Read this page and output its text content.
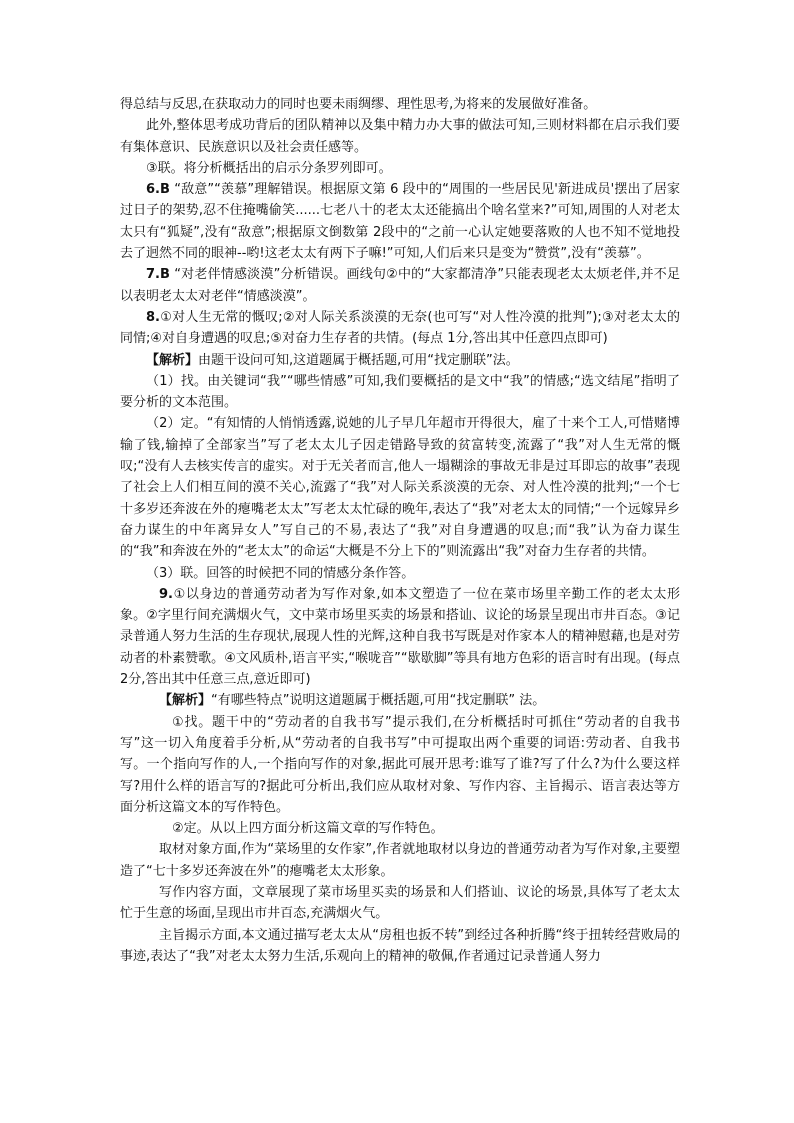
得总结与反思,在获取动力的同时也要未雨绸缪、理性思考,为将来的发展做好准备。

此外,整体思考成功背后的团队精神以及集中精力办大事的做法可知,三则材料都在启示我们要有集体意识、民族意识以及社会责任感等。

③联。将分析概括出的启示分条罗列即可。

6.B “敌意”“羡慕”理解错误。根据原文第 6 段中的“周围的一些居民见'新进成员'摆出了居家过日子的架势,忍不住掩嘴偷笑......七老八十的老太太还能搞出个啥名堂来?”可知,周围的人对老太太只有“狐疑”,没有“敌意”;根据原文倒数第 2段中的“之前一心认定她要落败的人也不知不觉地投去了迥然不同的眼神--哟!这老太太有两下子嘛!”可知,人们后来只是变为“赞赏”,没有“羡慕”。

7.B “对老伴情感淡漠”分析错误。画线句②中的“大家都清净”只能表现老太太烦老伴,并不足以表明老太太对老伴“情感淡漠”。

8.①对人生无常的慨叹;②对人际关系淡漠的无奈(也可写“对人性冷漠的批判”);③对老太太的同情;④对自身遭遇的叹息;⑤对奋力生存者的共情。(每点 1分,答出其中任意四点即可)

【解析】由题干设问可知,这道题属于概括题,可用“找定删联”法。

（1）找。由关键词“我”“哪些情感”可知,我们要概括的是文中“我”的情感;“选文结尾”指明了要分析的文本范围。

（2）定。“有知情的人悄悄透露,说她的儿子早几年超市开得很大，雇了十来个工人,可惜赌博输了钱,输掉了全部家当”写了老太太儿子因走错路导致的贫富转变,流露了“我”对人生无常的慨叹;“没有人去核实传言的虚实。对于无关者而言,他人一塌糊涂的事故无非是过耳即忘的故事”表现了社会上人们相互间的漠不关心,流露了“我”对人际关系淡漠的无奈、对人性冷漠的批判;“一个七十多岁还奔波在外的瘪嘴老太太”写老太太忙碌的晚年,表达了“我”对老太太的同情;“一个远嫁异乡奋力谋生的中年离异女人”写自己的不易,表达了“我”对自身遭遇的叹息;而“我”认为奋力谋生的“我”和奔波在外的“老太太”的命运“大概是不分上下的”则流露出“我”对奋力生存者的共情。

（3）联。回答的时候把不同的情感分条作答。

9.①以身边的普通劳动者为写作对象,如本文塑造了一位在菜市场里辛勤工作的老太太形象。②字里行间充满烟火气，文中菜市场里买卖的场景和搭讪、议论的场景呈现出市井百态。③记录普通人努力生活的生存现状,展现人性的光辉,这种自我书写既是对作家本人的精神慰藉,也是对劳动者的朴素赞歌。④文风质朴,语言平实,“喉咙音”“歇歇脚”等具有地方色彩的语言时有出现。(每点 2分,答出其中任意三点,意近即可)

【解析】“有哪些特点”说明这道题属于概括题,可用“找定删联” 法。

①找。题干中的“劳动者的自我书写”提示我们,在分析概括时可抓住“劳动者的自我书写”这一切入角度着手分析,从“劳动者的自我书写”中可提取出两个重要的词语:劳动者、自我书写。一个指向写作的人,一个指向写作的对象,据此可展开思考:谁写了谁?写了什么?为什么要这样写?用什么样的语言写的?据此可分析出,我们应从取材对象、写作内容、主旨揭示、语言表达等方面分析这篇文本的写作特色。

②定。从以上四方面分析这篇文章的写作特色。

取材对象方面,作为“菜场里的女作家”,作者就地取材以身边的普通劳动者为写作对象,主要塑造了“七十多岁还奔波在外”的瘪嘴老太太形象。

写作内容方面，文章展现了菜市场里买卖的场景和人们搭讪、议论的场景,具体写了老太太忙于生意的场面,呈现出市井百态,充满烟火气。

主旨揭示方面,本文通过描写老太太从“房租也扳不转”到经过各种折腾“终于扭转经营败局的事迹,表达了“我”对老太太努力生活,乐观向上的精神的敬佩,作者通过记录普通人努力
